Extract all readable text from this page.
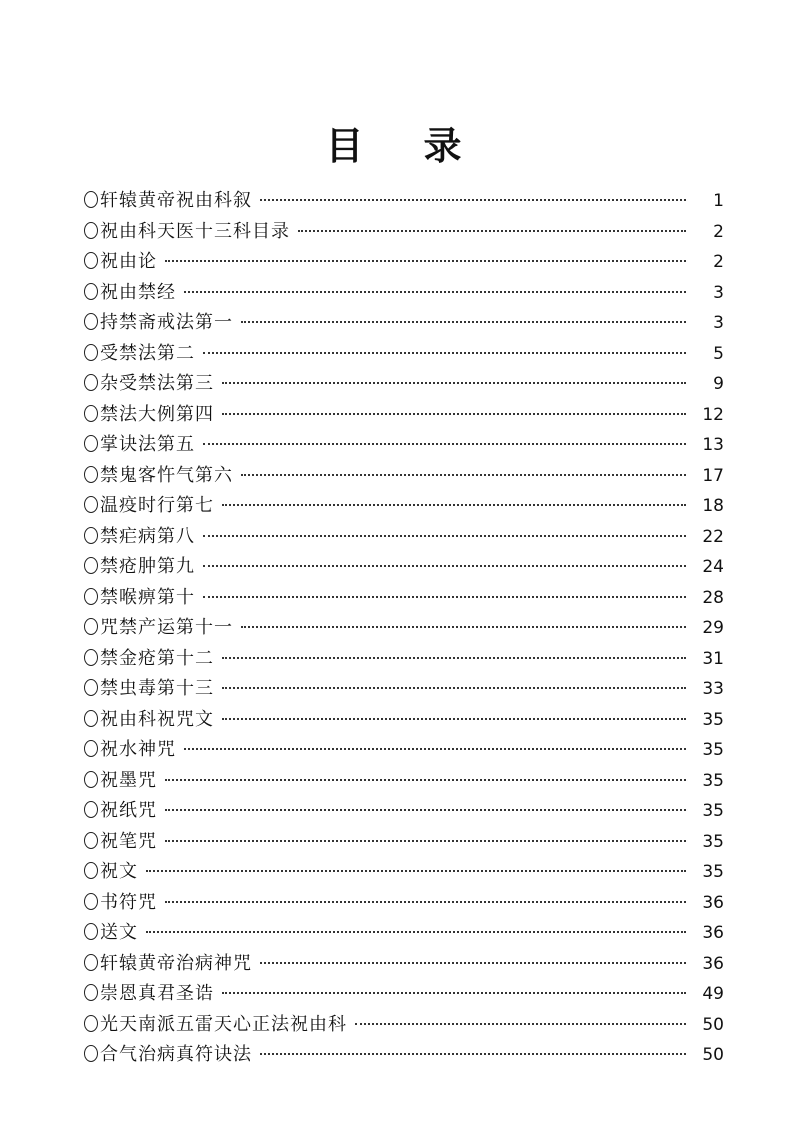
目录
轩辕黄帝祝由科叙	1
祝由科天医十三科目录	2
祝由论	2
祝由禁经	3
持禁斋戒法第一	3
受禁法第二	5
杂受禁法第三	9
禁法大例第四	12
掌诀法第五	13
禁鬼客忤气第六	17
温疫时行第七	18
禁疟病第八	22
禁疮肿第九	24
禁喉痹第十	28
咒禁产运第十一	29
禁金疮第十二	31
禁虫毒第十三	33
祝由科祝咒文	35
祝水神咒	35
祝墨咒	35
祝纸咒	35
祝笔咒	35
祝文	35
书符咒	36
送文	36
轩辕黄帝治病神咒	36
崇恩真君圣诰	49
光天南派五雷天心正法祝由科	50
合气治病真符诀法	50
